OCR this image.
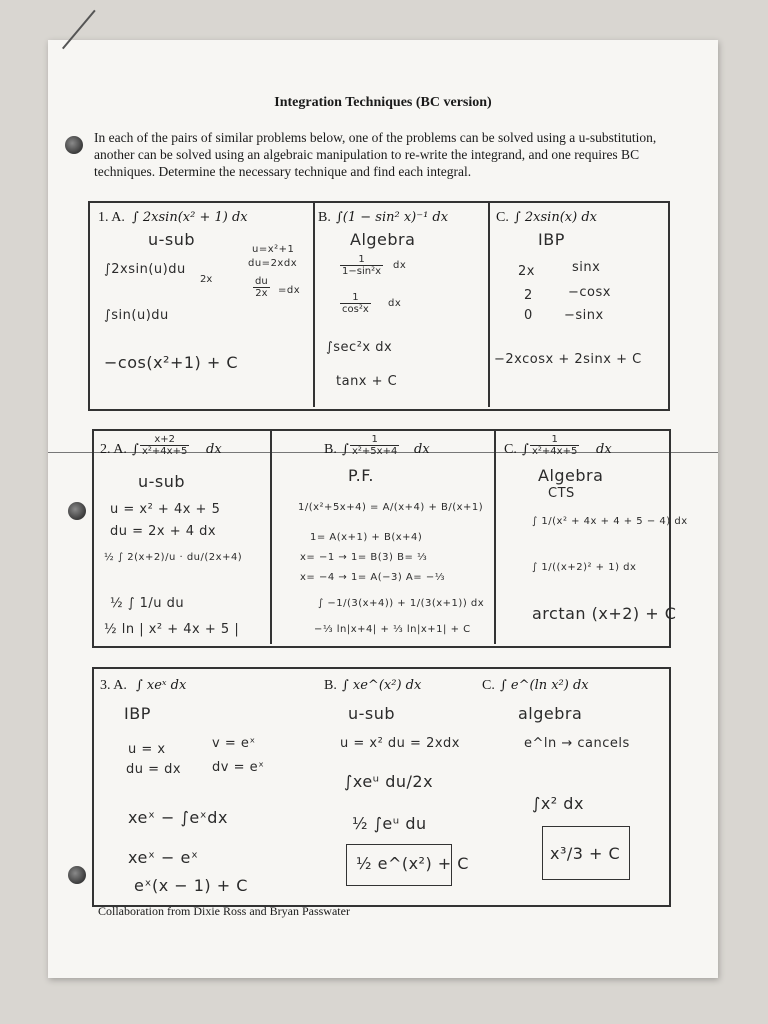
Integration Techniques (BC version)
In each of the pairs of similar problems below, one of the problems can be solved using a u-substitution, another can be solved using an algebraic manipulation to re-write the integrand, and one requires BC techniques. Determine the necessary technique and find each integral.
1. A. ∫ 2xsin(x² + 1) dx	B. ∫(1 − sin² x)⁻¹ dx	C. ∫ 2xsin(x) dx
u-sub
∫2xsin(u)du
2x
u=x²+1
du=2xdx
$\frac{du}{2x} =dx$
∫sin(u)du
−cos(x²+1) + C
Algebra
$\frac{1}{\text{1−sin²x}}$ dx
$\frac{1}{\text{cos²x}}$ dx
∫sec²x dx
tanx + C
IBP
2x	sinx
2	−cosx
0 −sinx
−2xcosx + 2sinx + C
2. A. ∫ $\frac{x+2}{\text{x²+4x+5}}$ dx	B. ∫ $\frac{1}{\text{x²+5x+4}}$ dx	C. ∫ $\frac{1}{\text{x²+4x+5}}$ dx
u-sub
u = x² + 4x + 5
du = 2x + 4 dx
½ ∫ 2(x+2)/u · du/(2x+4)
½ ∫ 1/u du
½ ln | x² + 4x + 5 |
P.F.
1/(x²+5x+4) = A/(x+4) + B/(x+1)
1= A(x+1) + B(x+4)
x= −1 → 1= B(3) B= ⅓
x= −4 → 1= A(−3) A= −⅓
∫ −1/(3(x+4)) + 1/(3(x+1)) dx
−⅓ ln|x+4| + ⅓ ln|x+1| + C
Algebra
CTS
∫ 1/(x² + 4x + 4 + 5 − 4) dx
∫ 1/((x+2)² + 1) dx
arctan (x+2) + C
3. A. ∫ xeˣ dx	B. ∫ xe^(x²) dx	C. ∫ e^(ln x²) dx
IBP
u = x	v = eˣ
du = dx dv = eˣ
xeˣ − ∫eˣdx
xeˣ − eˣ
eˣ(x − 1) + C
u-sub
u = x² du = 2xdx
∫xeᵘ du/2x
½ ∫eᵘ du
½ e^(x²) + C
algebra
e^ln → cancels
∫x² dx
x³/3 + C
Collaboration from Dixie Ross and Bryan Passwater
